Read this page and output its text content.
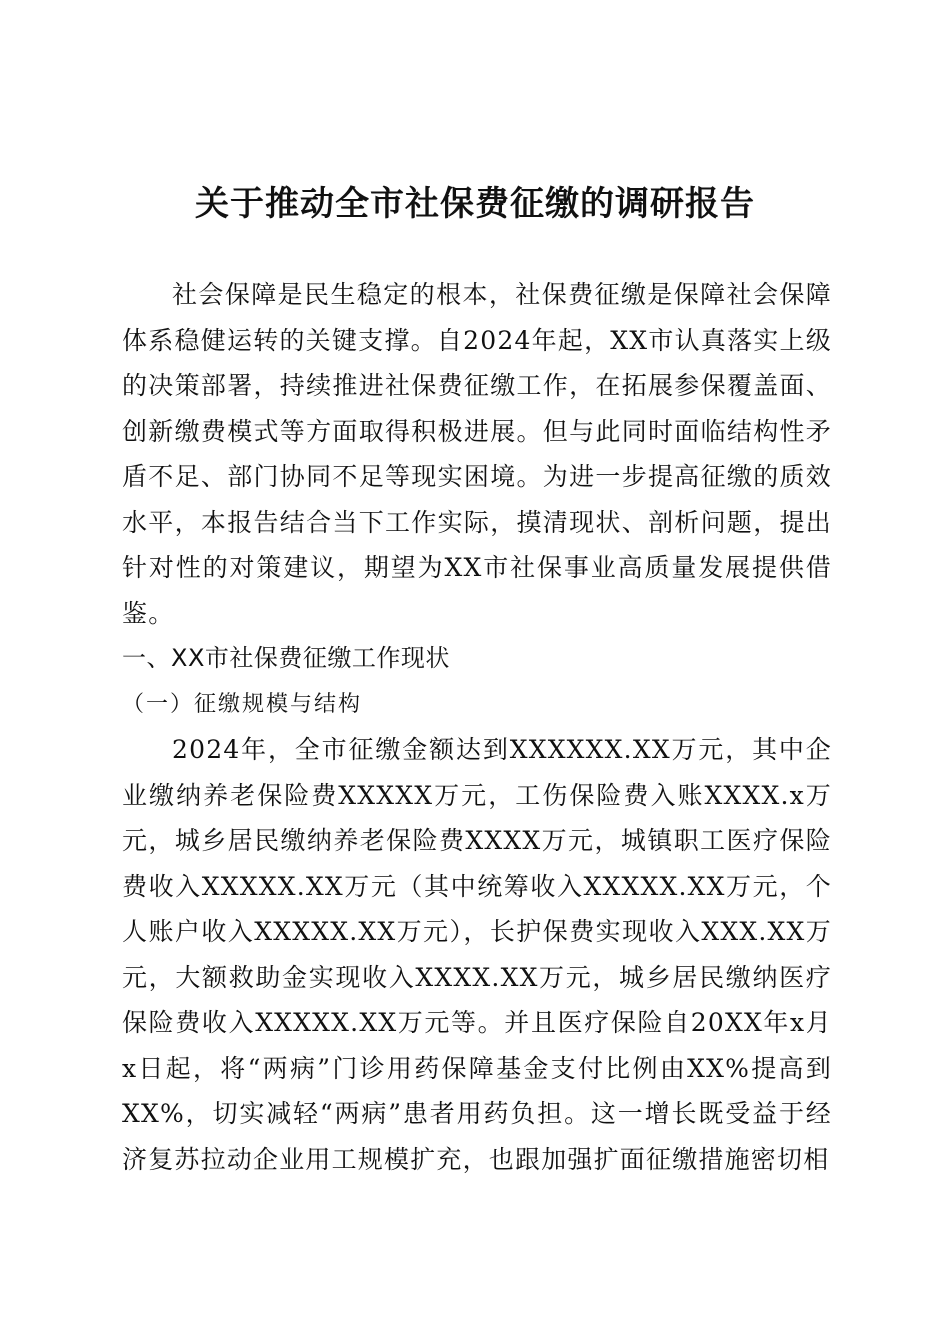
关于推动全市社保费征缴的调研报告

社会保障是民生稳定的根本，社保费征缴是保障社会保障体系稳健运转的关键支撑。自2024年起，XX市认真落实上级的决策部署，持续推进社保费征缴工作，在拓展参保覆盖面、创新缴费模式等方面取得积极进展。但与此同时面临结构性矛盾不足、部门协同不足等现实困境。为进一步提高征缴的质效水平，本报告结合当下工作实际，摸清现状、剖析问题，提出针对性的对策建议，期望为XX市社保事业高质量发展提供借鉴。

一、XX市社保费征缴工作现状

（一）征缴规模与结构

2024年，全市征缴金额达到XXXXXX.XX万元，其中企业缴纳养老保险费XXXXX万元，工伤保险费入账XXXX.x万元，城乡居民缴纳养老保险费XXXX万元，城镇职工医疗保险费收入XXXXX.XX万元（其中统筹收入XXXXX.XX万元，个人账户收入XXXXX.XX万元），长护保费实现收入XXX.XX万元，大额救助金实现收入XXXX.XX万元，城乡居民缴纳医疗保险费收入XXXXX.XX万元等。并且医疗保险自20XX年x月x日起，将“两病”门诊用药保障基金支付比例由XX%提高到XX%，切实减轻“两病”患者用药负担。这一增长既受益于经济复苏拉动企业用工规模扩充，也跟加强扩面征缴措施密切相
